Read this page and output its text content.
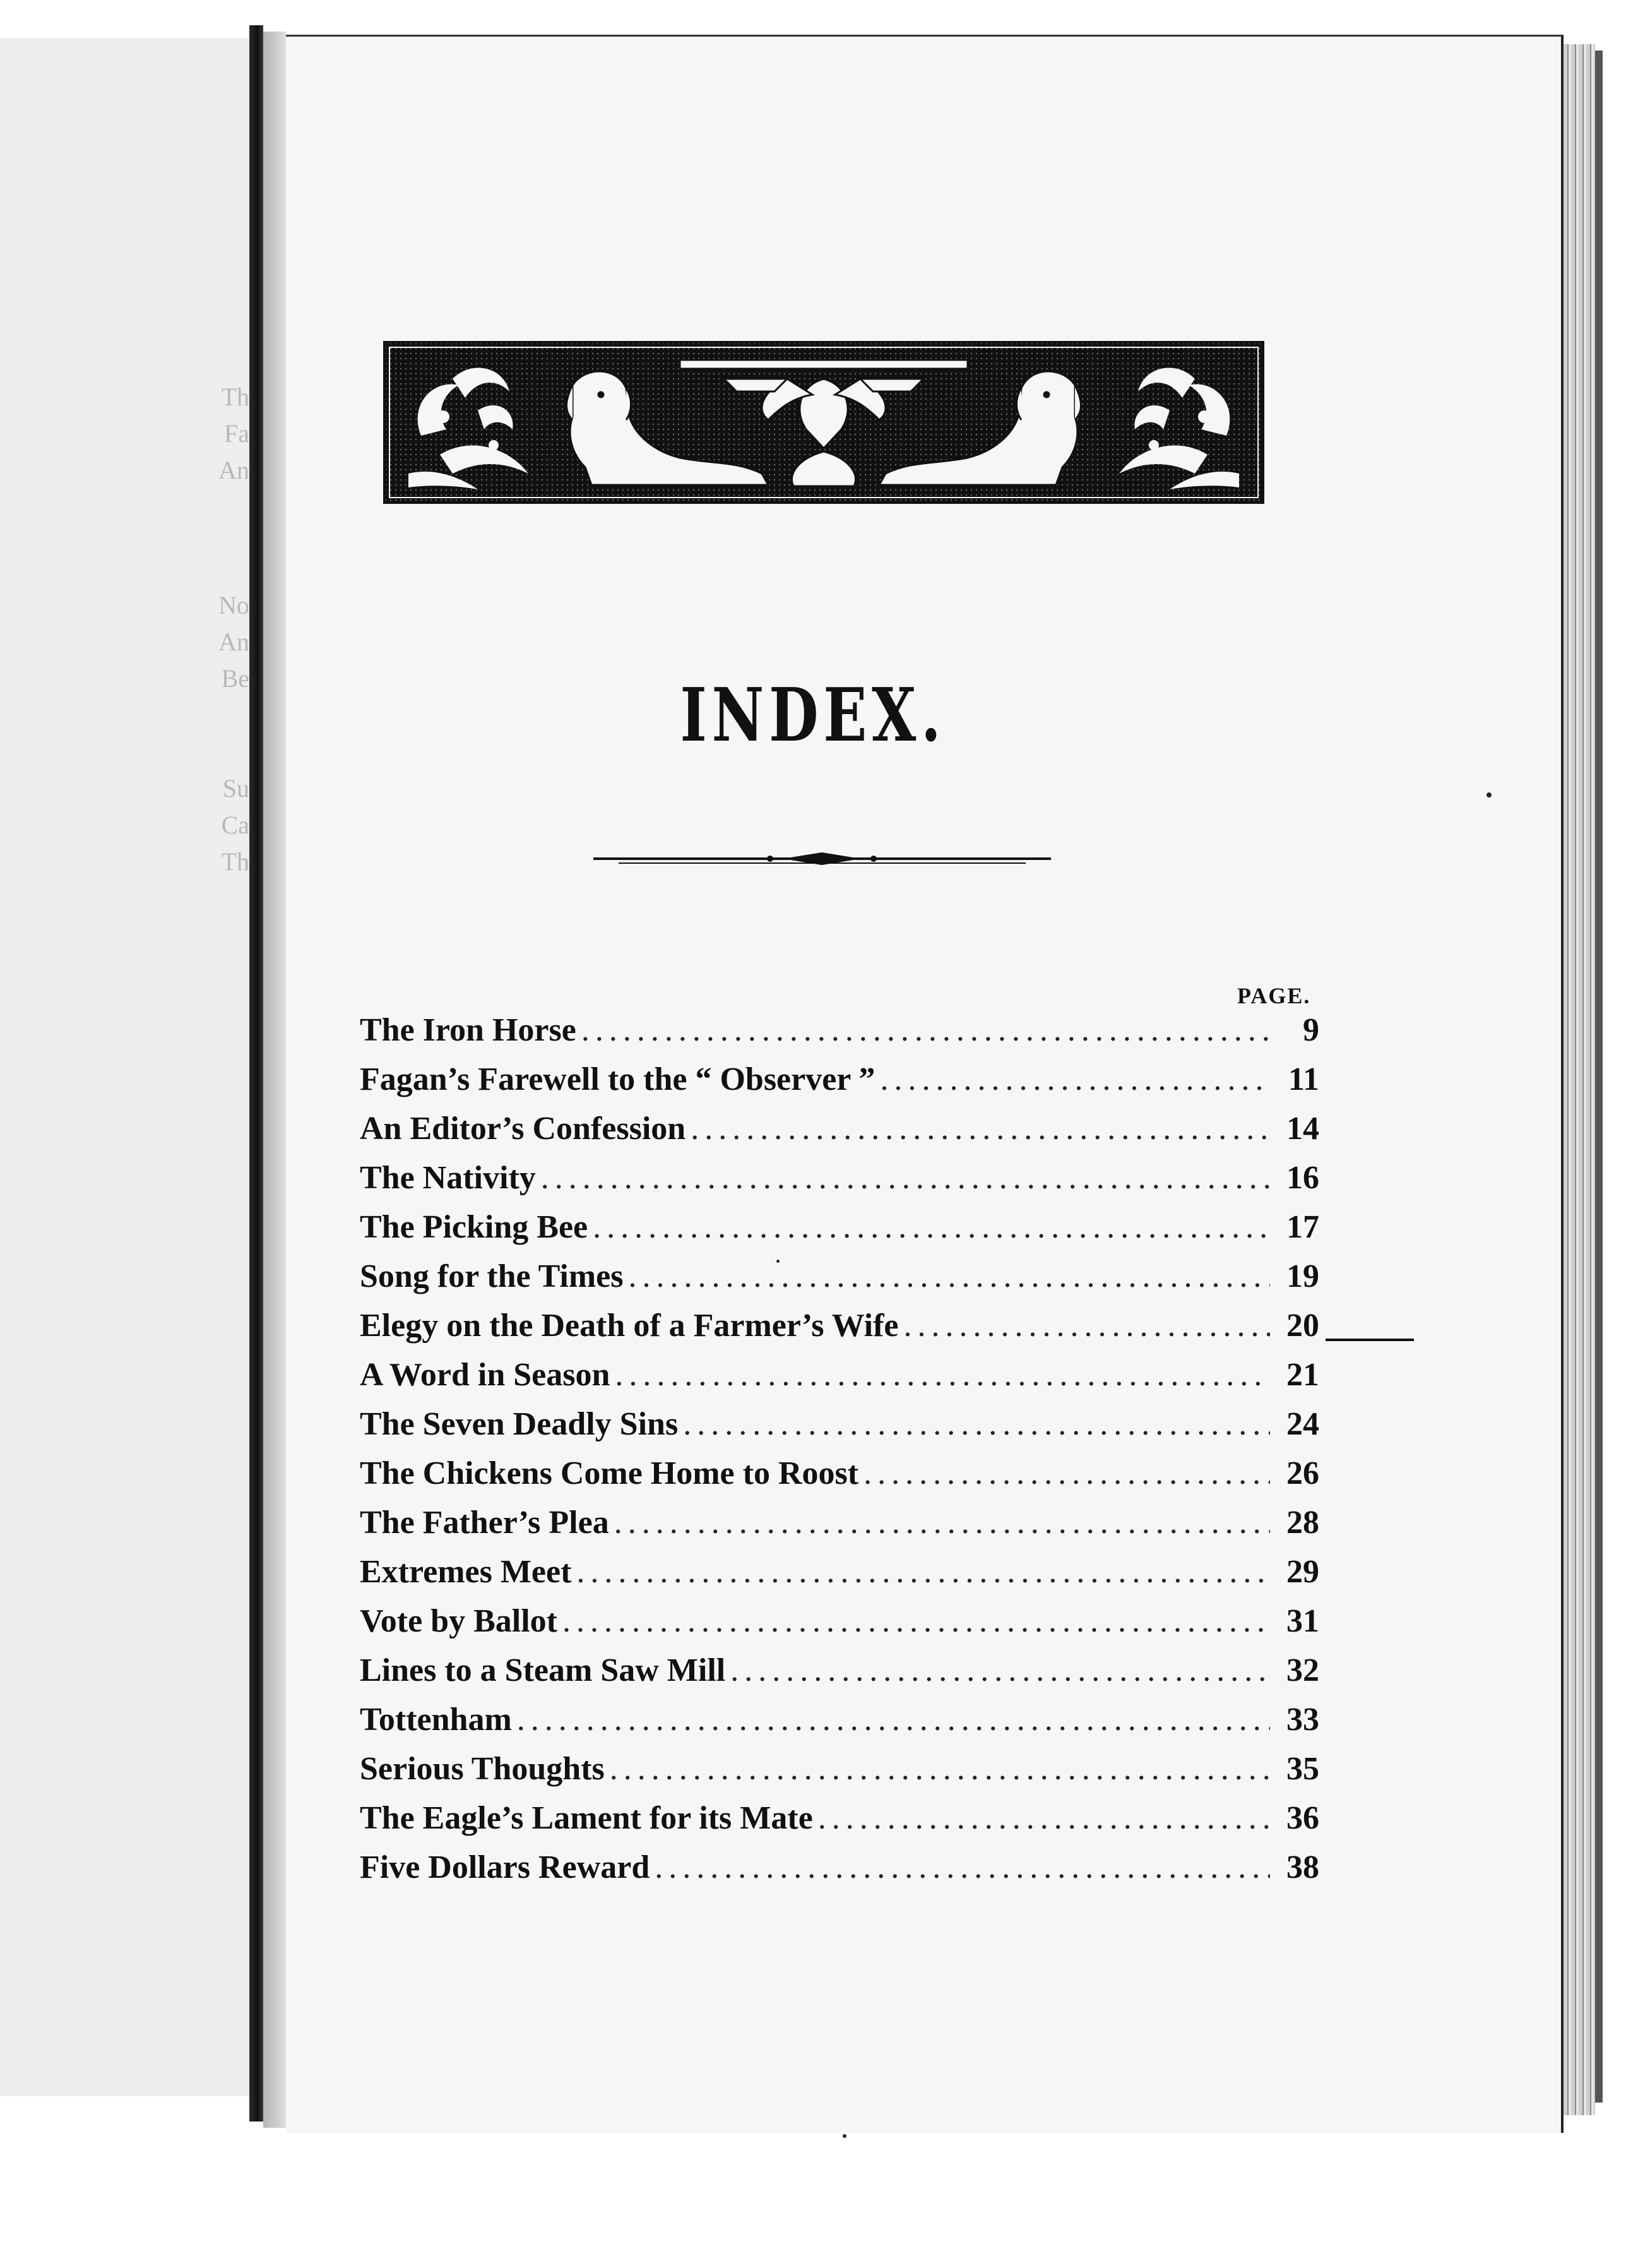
Th
Fa
An
No
An
Be
Su
Ca
Th
INDEX.
PAGE.
The Iron Horse .....	9
Fagan’s Farewell to the “ Observer ” .....	11
An Editor’s Confession .....	14
The Nativity .....	16
The Picking Bee .....	17
Song for the Times .....	19
Elegy on the Death of a Farmer’s Wife .....	20
A Word in Season .....	21
The Seven Deadly Sins .....	24
The Chickens Come Home to Roost .....	26
The Father’s Plea .....	28
Extremes Meet .....	29
Vote by Ballot .....	31
Lines to a Steam Saw Mill .....	32
Tottenham .....	33
Serious Thoughts .....	35
The Eagle’s Lament for its Mate .....	36
Five Dollars Reward .....	38
